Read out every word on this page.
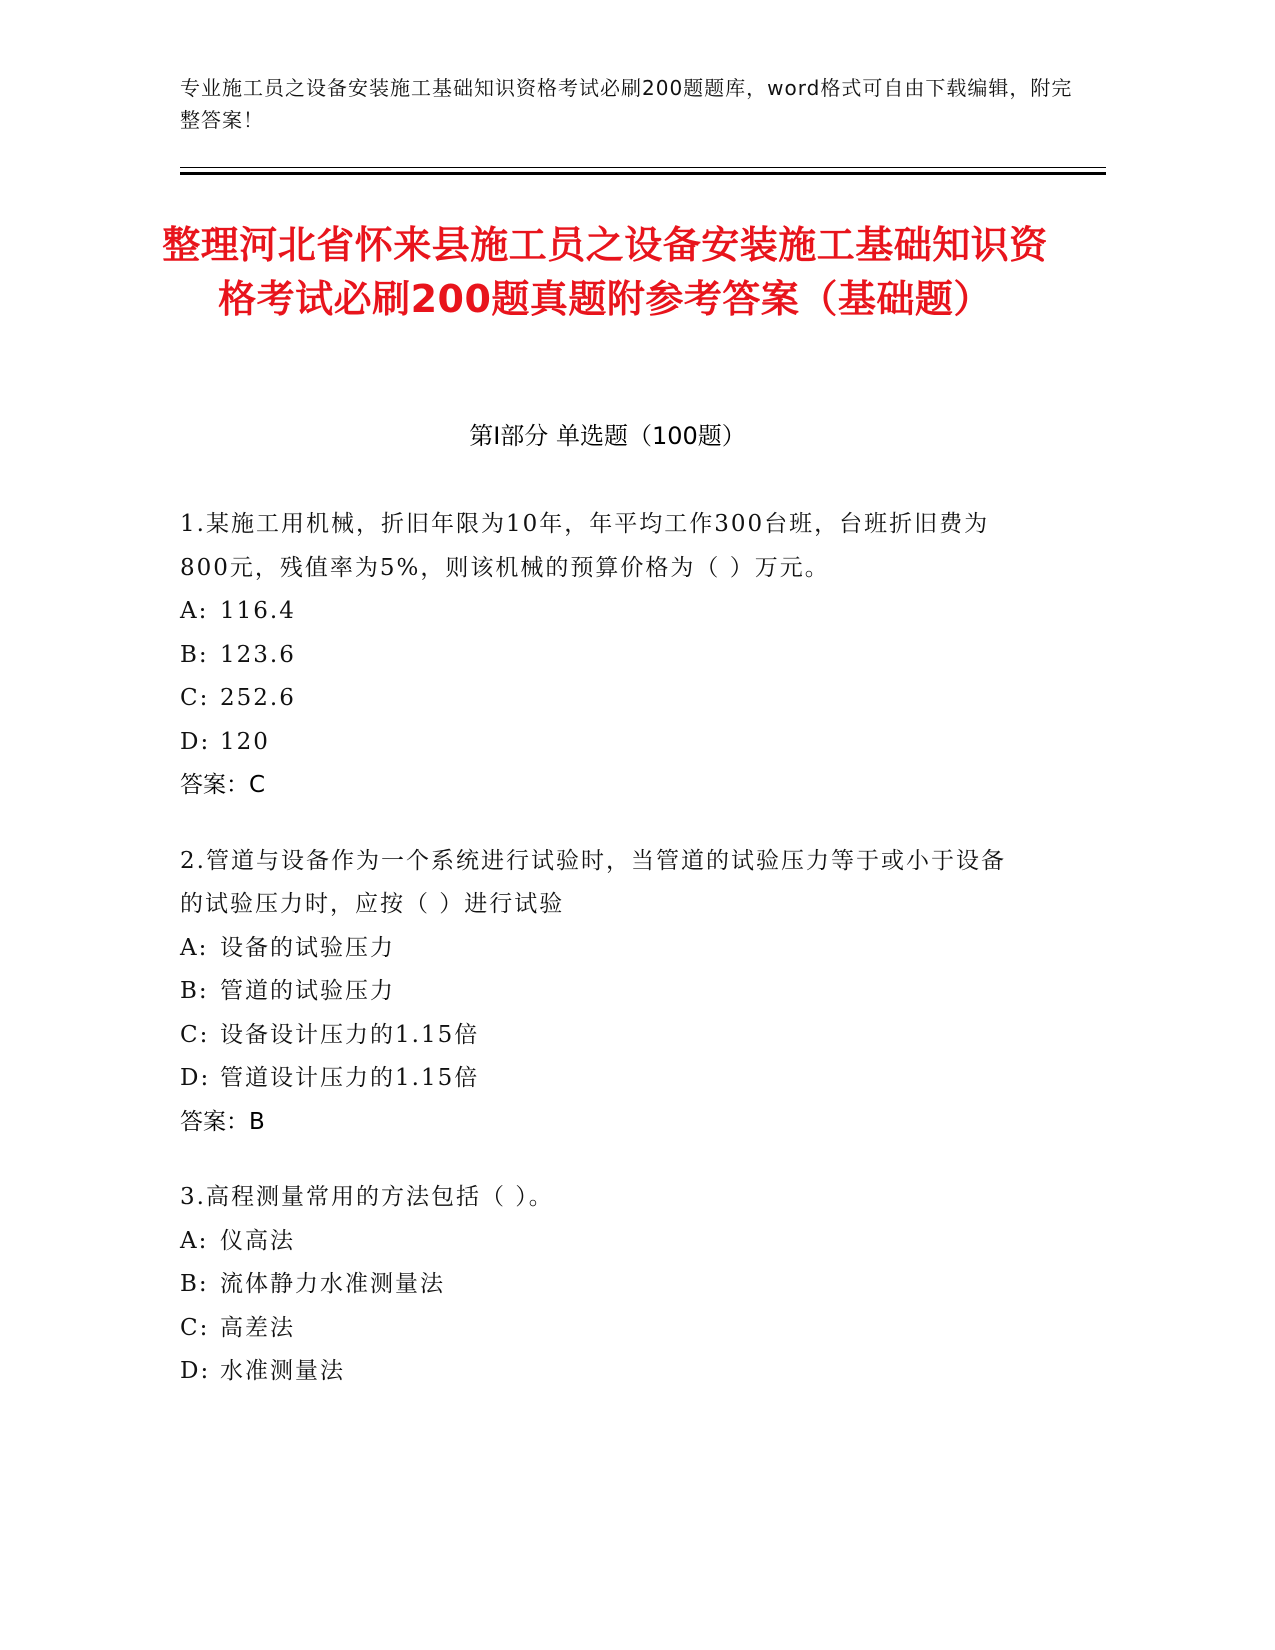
专业施工员之设备安装施工基础知识资格考试必刷200题题库，word格式可自由下载编辑，附完整答案！
整理河北省怀来县施工员之设备安装施工基础知识资格考试必刷200题真题附参考答案（基础题）
第I部分 单选题（100题）
1.某施工用机械，折旧年限为10年，年平均工作300台班，台班折旧费为800元，残值率为5%，则该机械的预算价格为（ ）万元。
A: 116.4
B: 123.6
C: 252.6
D: 120
答案：C
2.管道与设备作为一个系统进行试验时，当管道的试验压力等于或小于设备的试验压力时，应按（ ）进行试验
A: 设备的试验压力
B: 管道的试验压力
C: 设备设计压力的1.15倍
D: 管道设计压力的1.15倍
答案：B
3.高程测量常用的方法包括（ ）。
A: 仪高法
B: 流体静力水准测量法
C: 高差法
D: 水准测量法
